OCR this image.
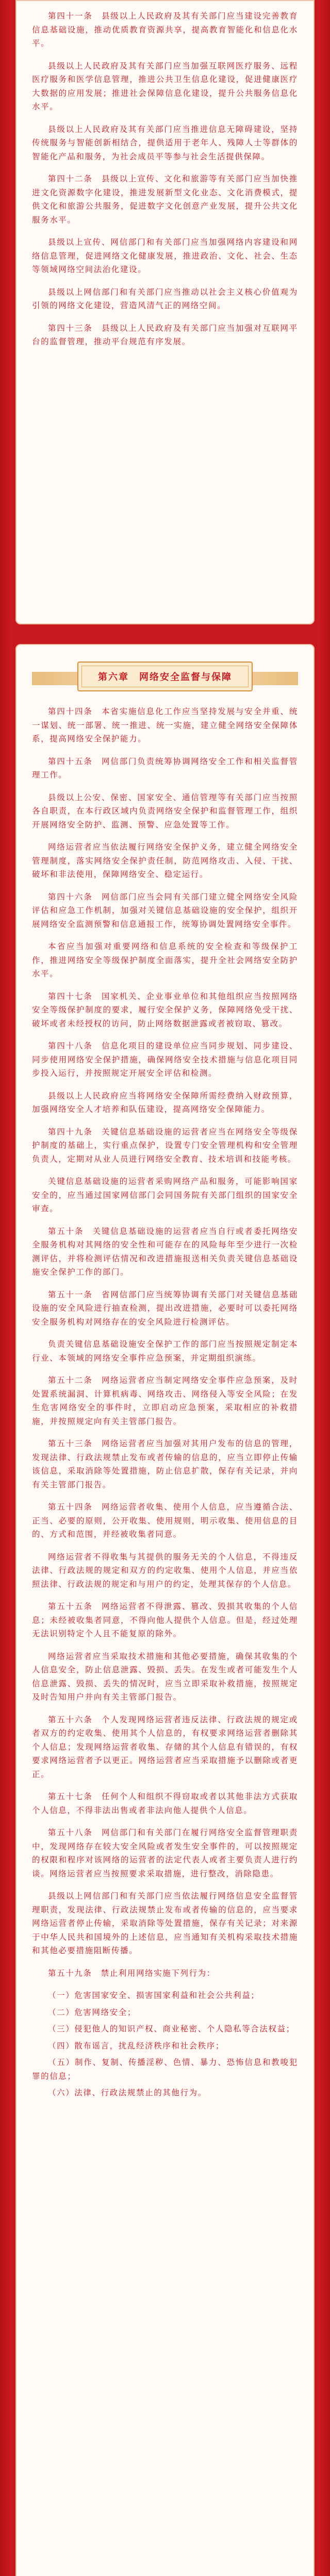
第四十一条　县级以上人民政府及其有关部门应当建设完善教育信息基础设施，推动优质教育资源共享，提高教育智能化和信息化水平。

县级以上人民政府及其有关部门应当加强互联网医疗服务、远程医疗服务和医学信息管理，推进公共卫生信息化建设，促进健康医疗大数据的应用发展；推进社会保障信息化建设，提升公共服务信息化水平。

县级以上人民政府及其有关部门应当推进信息无障碍建设，坚持传统服务与智能创新相结合，提供适用于老年人、残障人士等群体的智能化产品和服务，为社会成员平等参与社会生活提供保障。

第四十二条　县级以上宣传、文化和旅游等有关部门应当加快推进文化资源数字化建设，推进发展新型文化业态、文化消费模式，提供文化和旅游公共服务，促进数字文化创意产业发展，提升公共文化服务水平。

县级以上宣传、网信部门和有关部门应当加强网络内容建设和网络信息管理，促进网络文化健康发展，推进政治、文化、社会、生态等领域网络空间法治化建设。

县级以上网信部门和有关部门应当推动以社会主义核心价值观为引领的网络文化建设，营造风清气正的网络空间。

第四十三条　县级以上人民政府及有关部门应当加强对互联网平台的监督管理，推动平台规范有序发展。

第六章　网络安全监督与保障

第四十四条　本省实施信息化工作应当坚持发展与安全并重、统一谋划、统一部署、统一推进、统一实施，建立健全网络安全保障体系，提高网络安全保护能力。

第四十五条　网信部门负责统筹协调网络安全工作和相关监督管理工作。

县级以上公安、保密、国家安全、通信管理等有关部门应当按照各自职责，在本行政区域内负责网络安全保护和监督管理工作，组织开展网络安全防护、监测、预警、应急处置等工作。

网络运营者应当依法履行网络安全保护义务，建立健全网络安全管理制度，落实网络安全保护责任制，防范网络攻击、入侵、干扰、破坏和非法使用，保障网络安全、稳定运行。

第四十六条　网信部门应当会同有关部门建立健全网络安全风险评估和应急工作机制，加强对关键信息基础设施的安全保护，组织开展网络安全监测预警和信息通报工作，统筹协调处置网络安全事件。

本省应当加强对重要网络和信息系统的安全检查和等级保护工作，推进网络安全等级保护制度全面落实，提升全社会网络安全防护水平。

第四十七条　国家机关、企业事业单位和其他组织应当按照网络安全等级保护制度的要求，履行安全保护义务，保障网络免受干扰、破坏或者未经授权的访问，防止网络数据泄露或者被窃取、篡改。

第四十八条　信息化项目的建设单位应当同步规划、同步建设、同步使用网络安全保护措施，确保网络安全技术措施与信息化项目同步投入运行，并按照规定开展安全评估和检测。

县级以上人民政府应当将网络安全保障所需经费纳入财政预算，加强网络安全人才培养和队伍建设，提高网络安全保障能力。

第四十九条　关键信息基础设施的运营者应当在网络安全等级保护制度的基础上，实行重点保护，设置专门安全管理机构和安全管理负责人，定期对从业人员进行网络安全教育、技术培训和技能考核。

关键信息基础设施的运营者采购网络产品和服务，可能影响国家安全的，应当通过国家网信部门会同国务院有关部门组织的国家安全审查。

第五十条　关键信息基础设施的运营者应当自行或者委托网络安全服务机构对其网络的安全性和可能存在的风险每年至少进行一次检测评估，并将检测评估情况和改进措施报送相关负责关键信息基础设施安全保护工作的部门。

第五十一条　省网信部门应当统筹协调有关部门对关键信息基础设施的安全风险进行抽查检测，提出改进措施，必要时可以委托网络安全服务机构对网络存在的安全风险进行检测评估。

负责关键信息基础设施安全保护工作的部门应当按照规定制定本行业、本领域的网络安全事件应急预案，并定期组织演练。

第五十二条　网络运营者应当制定网络安全事件应急预案，及时处置系统漏洞、计算机病毒、网络攻击、网络侵入等安全风险；在发生危害网络安全的事件时，立即启动应急预案，采取相应的补救措施，并按照规定向有关主管部门报告。

第五十三条　网络运营者应当加强对其用户发布的信息的管理，发现法律、行政法规禁止发布或者传输的信息的，应当立即停止传输该信息，采取消除等处置措施，防止信息扩散，保存有关记录，并向有关主管部门报告。

第五十四条　网络运营者收集、使用个人信息，应当遵循合法、正当、必要的原则，公开收集、使用规则，明示收集、使用信息的目的、方式和范围，并经被收集者同意。

网络运营者不得收集与其提供的服务无关的个人信息，不得违反法律、行政法规的规定和双方的约定收集、使用个人信息，并应当依照法律、行政法规的规定和与用户的约定，处理其保存的个人信息。

第五十五条　网络运营者不得泄露、篡改、毁损其收集的个人信息；未经被收集者同意，不得向他人提供个人信息。但是，经过处理无法识别特定个人且不能复原的除外。

网络运营者应当采取技术措施和其他必要措施，确保其收集的个人信息安全，防止信息泄露、毁损、丢失。在发生或者可能发生个人信息泄露、毁损、丢失的情况时，应当立即采取补救措施，按照规定及时告知用户并向有关主管部门报告。

第五十六条　个人发现网络运营者违反法律、行政法规的规定或者双方的约定收集、使用其个人信息的，有权要求网络运营者删除其个人信息；发现网络运营者收集、存储的其个人信息有错误的，有权要求网络运营者予以更正。网络运营者应当采取措施予以删除或者更正。

第五十七条　任何个人和组织不得窃取或者以其他非法方式获取个人信息，不得非法出售或者非法向他人提供个人信息。

第五十八条　网信部门和有关部门在履行网络安全监督管理职责中，发现网络存在较大安全风险或者发生安全事件的，可以按照规定的权限和程序对该网络的运营者的法定代表人或者主要负责人进行约谈。网络运营者应当按照要求采取措施，进行整改，消除隐患。

县级以上网信部门和有关部门应当依法履行网络信息安全监督管理职责，发现法律、行政法规禁止发布或者传输的信息的，应当要求网络运营者停止传输，采取消除等处置措施，保存有关记录；对来源于中华人民共和国境外的上述信息，应当通知有关机构采取技术措施和其他必要措施阻断传播。

第五十九条　禁止利用网络实施下列行为：

（一）危害国家安全、损害国家利益和社会公共利益；

（二）危害网络安全；

（三）侵犯他人的知识产权、商业秘密、个人隐私等合法权益；

（四）散布谣言，扰乱经济秩序和社会秩序；

（五）制作、复制、传播淫秽、色情、暴力、恐怖信息和教唆犯罪的信息；

（六）法律、行政法规禁止的其他行为。
